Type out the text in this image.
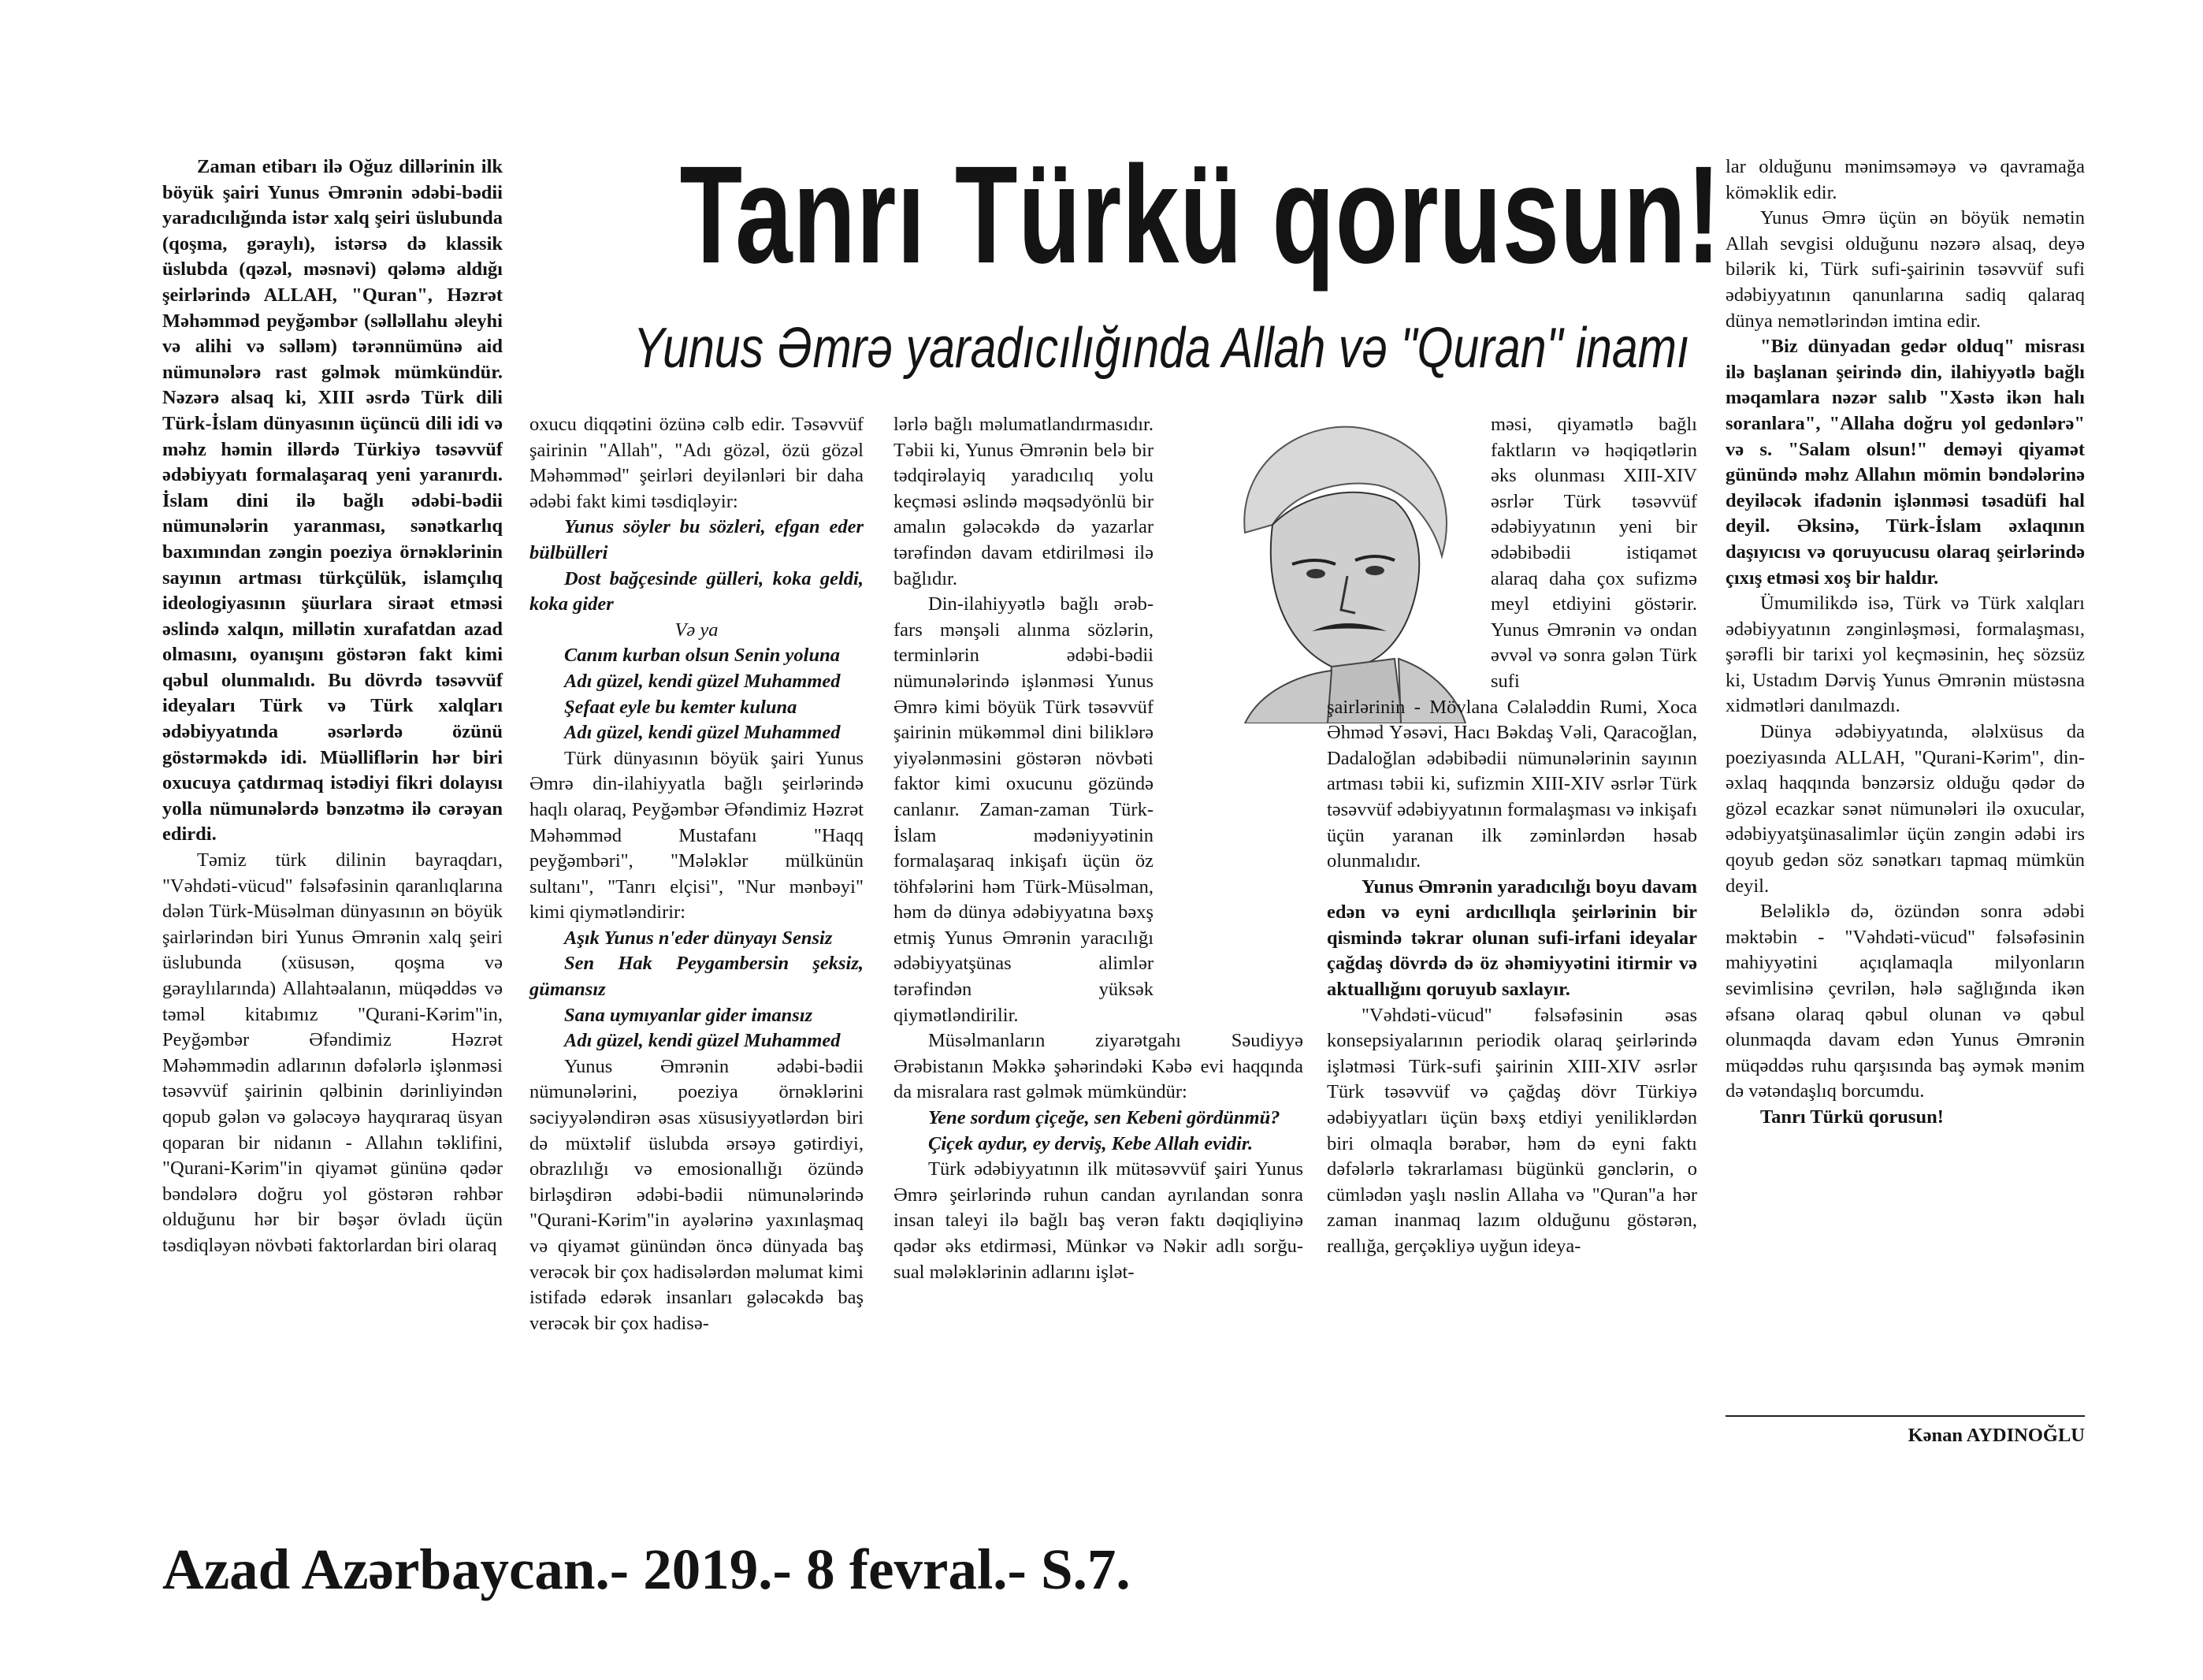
Tanrı Türkü qorusun!
Yunus Əmrə yaradıcılığında Allah və "Quran" inamı

Zaman etibarı ilə Oğuz dillərinin ilk böyük şairi Yunus Əmrənin ədəbi-bədii yaradıcılığında istər xalq şeiri üslubunda (qoşma, gəraylı), istərsə də klassik üslubda (qəzəl, məsnəvi) qələmə aldığı şeirlərində ALLAH, "Quran", Həzrət Məhəmməd peyğəmbər (səlləllahu əleyhi və alihi və səlləm) tərənnümünə aid nümunələrə rast gəlmək mümkündür. Nəzərə alsaq ki, XIII əsrdə Türk dili Türk-İslam dünyasının üçüncü dili idi və məhz həmin illərdə Türkiyə təsəvvüf ədəbiyyatı formalaşaraq yeni yaranırdı. İslam dini ilə bağlı ədəbi-bədii nümunələrin yaranması, sənətkarlıq baxımından zəngin poeziya örnəklərinin sayının artması türkçülük, islamçılıq ideologiyasının şüurlara siraət etməsi əslində xalqın, millətin xurafatdan azad olmasını, oyanışını göstərən fakt kimi qəbul olunmalıdı. Bu dövrdə təsəvvüf ideyaları Türk və Türk xalqları ədəbiyyatında əsərlərdə özünü göstərməkdə idi. Müəlliflərin hər biri oxucuya çatdırmaq istədiyi fikri dolayısı yolla nümunələrdə bənzətmə ilə cərəyan edirdi.

Təmiz türk dilinin bayraqdarı, "Vəhdəti-vücud" fəlsəfəsinin qaranlıqlarına dələn Türk-Müsəlman dünyasının ən böyük şairlərindən biri Yunus Əmrənin xalq şeiri üslubunda (xüsusən, qoşma və gəraylılarında) Allahtəalanın, müqəddəs və təməl kitabımız "Qurani-Kərim"in, Peyğəmbər Əfəndimiz Həzrət Məhəmmədin adlarının dəfələrlə işlənməsi təsəvvüf şairinin qəlbinin dərinliyindən qopub gələn və gələcəyə hayqıraraq üsyan qoparan bir nidanın - Allahın təklifini, "Qurani-Kərim"in qiyamət gününə qədər bəndələrə doğru yol göstərən rəhbər olduğunu hər bir bəşər övladı üçün təsdiqləyən növbəti faktorlardan biri olaraq

oxucu diqqətini özünə cəlb edir. Təsəvvüf şairinin "Allah", "Adı gözəl, özü gözəl Məhəmməd" şeirləri deyilənləri bir daha ədəbi fakt kimi təsdiqləyir:

Yunus söyler bu sözleri, efgan eder bülbülleri

Dost bağçesinde gülleri, koka geldi, koka gider

Və ya

Canım kurban olsun Senin yoluna

Adı güzel, kendi güzel Muhammed

Şefaat eyle bu kemter kuluna

Adı güzel, kendi güzel Muhammed

Türk dünyasının böyük şairi Yunus Əmrə din-ilahiyyatla bağlı şeirlərində haqlı olaraq, Peyğəmbər Əfəndimiz Həzrət Məhəmməd Mustafanı "Haqq peyğəmbəri", "Mələklər mülkünün sultanı", "Tanrı elçisi", "Nur mənbəyi" kimi qiymətləndirir:

Aşık Yunus n'eder dünyayı Sensiz

Sen Hak Peygambersin şeksiz, gümansız

Sana uymıyanlar gider imansız

Adı güzel, kendi güzel Muhammed

Yunus Əmrənin ədəbi-bədii nümunələrini, poeziya örnəklərini səciyyələndirən əsas xüsusiyyətlərdən biri də müxtəlif üslubda ərsəyə gətirdiyi, obrazlılığı və emosionallığı özündə birləşdirən ədəbi-bədii nümunələrində "Qurani-Kərim"in ayələrinə yaxınlaşmaq və qiyamət günündən öncə dünyada baş verəcək bir çox hadisələrdən məlumat kimi istifadə edərək insanları gələcəkdə baş verəcək bir çox hadisə-

lərlə bağlı məlumatlandırmasıdır. Təbii ki, Yunus Əmrənin belə bir tədqirəlayiq yaradıcılıq yolu keçməsi əslində məqsədyönlü bir amalın gələcəkdə də yazarlar tərəfindən davam etdirilməsi ilə bağlıdır.

Din-ilahiyyətlə bağlı ərəb-fars mənşəli alınma sözlərin, terminlərin ədəbi-bədii nümunələrində işlənməsi Yunus Əmrə kimi böyük Türk təsəvvüf şairinin mükəmməl dini biliklərə yiyələnməsini göstərən növbəti faktor kimi oxucunu gözündə canlanır. Zaman-zaman Türk-İslam mədəniyyətinin formalaşaraq inkişafı üçün öz töhfələrini həm Türk-Müsəlman, həm də dünya ədəbiyyatına bəxş etmiş Yunus Əmrənin yaracılığı ədəbiyyatşünas alimlər tərəfindən yüksək qiymətləndirilir.

Müsəlmanların ziyarətgahı Səudiyyə Ərəbistanın Məkkə şəhərindəki Kəbə evi haqqında da misralara rast gəlmək mümkündür:

Yene sordum çiçeğe, sen Kebeni gördünmü?

Çiçek aydur, ey derviş, Kebe Allah evidir.

Türk ədəbiyyatının ilk mütəsəvvüf şairi Yunus Əmrə şeirlərində ruhun candan ayrılandan sonra insan taleyi ilə bağlı baş verən faktı dəqiqliyinə qədər əks etdirməsi, Münkər və Nəkir adlı sorğu-sual mələklərinin adlarını işlət-

məsi, qiyamətlə bağlı faktların və həqiqətlərin əks olunması XIII-XIV əsrlər Türk təsəvvüf ədəbiyyatının yeni bir ədəbibədii istiqamət alaraq daha çox sufizmə meyl etdiyini göstərir. Yunus Əmrənin və ondan əvvəl və sonra gələn Türk sufi

şairlərinin - Mövlana Cəlaləddin Rumi, Xoca Əhməd Yəsəvi, Hacı Bəkdaş Vəli, Qaracoğlan, Dadaloğlan ədəbibədii nümunələrinin sayının artması təbii ki, sufizmin XIII-XIV əsrlər Türk təsəvvüf ədəbiyyatının formalaşması və inkişafı üçün yaranan ilk zəminlərdən həsab olunmalıdır.

Yunus Əmrənin yaradıcılığı boyu davam edən və eyni ardıcıllıqla şeirlərinin bir qismində təkrar olunan sufi-irfani ideyalar çağdaş dövrdə də öz əhəmiyyətini itirmir və aktuallığını qoruyub saxlayır.

"Vəhdəti-vücud" fəlsəfəsinin əsas konsepsiyalarının periodik olaraq şeirlərində işlətməsi Türk-sufi şairinin XIII-XIV əsrlər Türk təsəvvüf və çağdaş dövr Türkiyə ədəbiyyatları üçün bəxş etdiyi yeniliklərdən biri olmaqla bərabər, həm də eyni faktı dəfələrlə təkrarlaması bügünkü gənclərin, o cümlədən yaşlı nəslin Allaha və "Quran"a hər zaman inanmaq lazım olduğunu göstərən, reallığa, gerçəkliyə uyğun ideya-

lar olduğunu mənimsəməyə və qavramağa köməklik edir.

Yunus Əmrə üçün ən böyük nemətin Allah sevgisi olduğunu nəzərə alsaq, deyə bilərik ki, Türk sufi-şairinin təsəvvüf sufi ədəbiyyatının qanunlarına sadiq qalaraq dünya nemətlərindən imtina edir.

"Biz dünyadan gedər olduq" misrası ilə başlanan şeirində din, ilahiyyətlə bağlı məqamlara nəzər salıb "Xəstə ikən halı soranlara", "Allaha doğru yol gedənlərə" və s. "Salam olsun!" deməyi qiyamət günündə məhz Allahın mömin bəndələrinə deyiləcək ifadənin işlənməsi təsadüfi hal deyil. Əksinə, Türk-İslam əxlaqının daşıyıcısı və qoruyucusu olaraq şeirlərində çıxış etməsi xoş bir haldır.

Ümumilikdə isə, Türk və Türk xalqları ədəbiyyatının zənginləşməsi, formalaşması, şərəfli bir tarixi yol keçməsinin, heç sözsüz ki, Ustadım Dərviş Yunus Əmrənin müstəsna xidmətləri danılmazdı.

Dünya ədəbiyyatında, ələlxüsus da poeziyasında ALLAH, "Qurani-Kərim", din-əxlaq haqqında bənzərsiz olduğu qədər də gözəl ecazkar sənət nümunələri ilə oxucular, ədəbiyyatşünasalimlər üçün zəngin ədəbi irs qoyub gedən söz sənətkarı tapmaq mümkün deyil.

Beləliklə də, özündən sonra ədəbi məktəbin - "Vəhdəti-vücud" fəlsəfəsinin mahiyyətini açıqlamaqla milyonların sevimlisinə çevrilən, hələ sağlığında ikən əfsanə olaraq qəbul olunan və qəbul olunmaqda davam edən Yunus Əmrənin müqəddəs ruhu qarşısında baş əymək mənim də vətəndaşlıq borcumdu.

Tanrı Türkü qorusun!

Kənan AYDINOĞLU
Azad Azərbaycan.- 2019.- 8 fevral.- S.7.
